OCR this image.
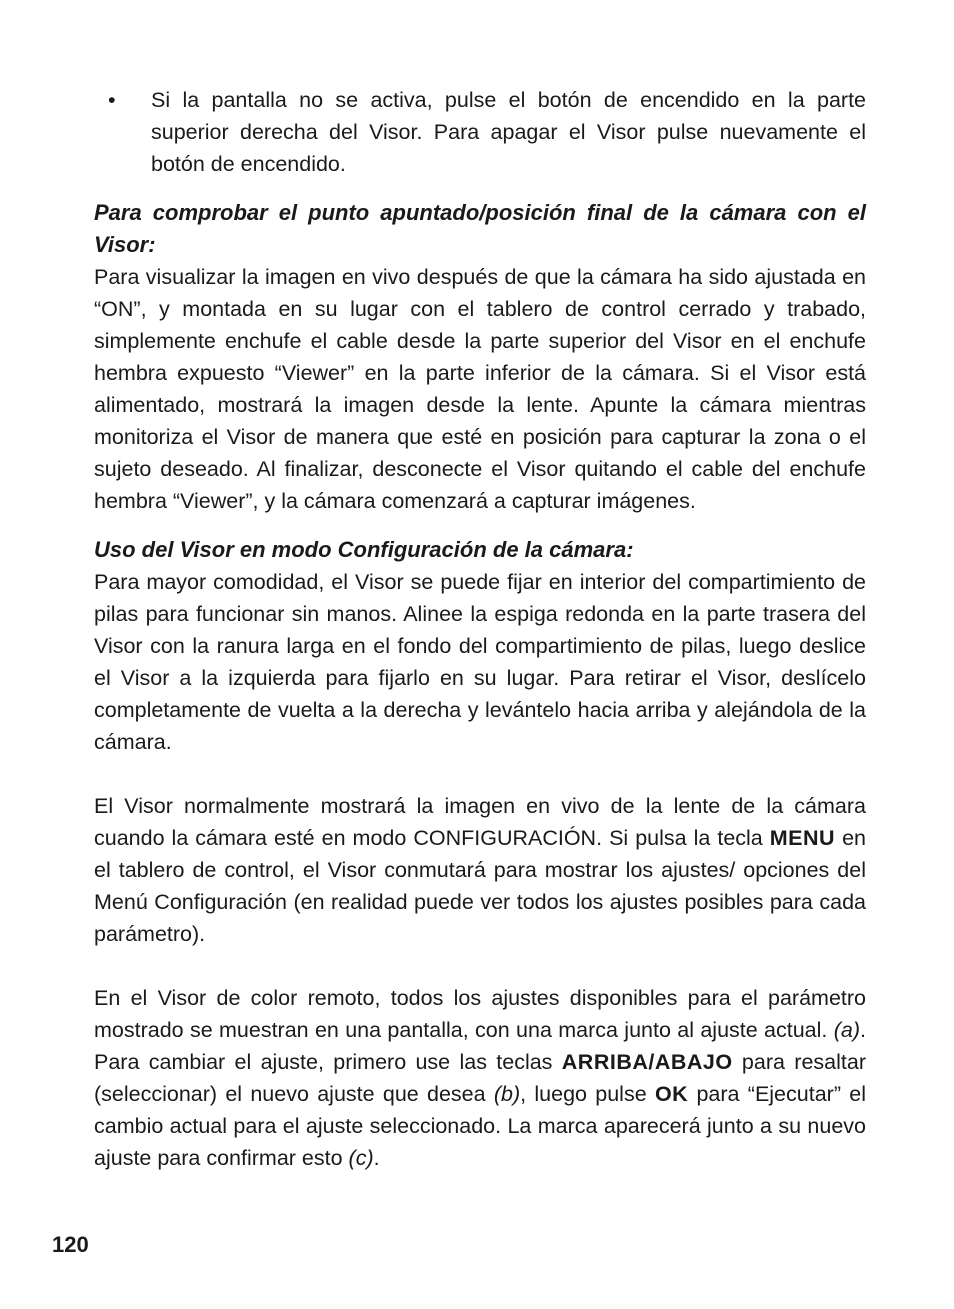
• Si la pantalla no se activa, pulse el botón de encendido en la parte superior derecha del Visor. Para apagar el Visor pulse nuevamente el botón de encendido.

Para comprobar el punto apuntado/posición final de la cámara con el Visor:

Para visualizar la imagen en vivo después de que la cámara ha sido ajustada en “ON”, y montada en su lugar con el tablero de control cerrado y trabado, simplemente enchufe el cable desde la parte superior del Visor en el enchufe hembra expuesto “Viewer” en la parte inferior de la cámara. Si el Visor está alimentado, mostrará la imagen desde la lente. Apunte la cámara mientras monitoriza el Visor de manera que esté en posición para capturar la zona o el sujeto deseado. Al finalizar, desconecte el Visor quitando el cable del enchufe hembra “Viewer”, y la cámara comenzará a capturar imágenes.

Uso del Visor en modo Configuración de la cámara:

Para mayor comodidad, el Visor se puede fijar en interior del compartimiento de pilas para funcionar sin manos. Alinee la espiga redonda en la parte trasera del Visor con la ranura larga en el fondo del compartimiento de pilas, luego deslice el Visor a la izquierda para fijarlo en su lugar. Para retirar el Visor, deslícelo completamente de vuelta a la derecha y levántelo hacia arriba y alejándola de la cámara.

El Visor normalmente mostrará la imagen en vivo de la lente de la cámara cuando la cámara esté en modo CONFIGURACIÓN. Si pulsa la tecla MENU en el tablero de control, el Visor conmutará para mostrar los ajustes/ opciones del Menú Configuración (en realidad puede ver todos los ajustes posibles para cada parámetro).

En el Visor de color remoto, todos los ajustes disponibles para el parámetro mostrado se muestran en una pantalla, con una marca junto al ajuste actual. (a). Para cambiar el ajuste, primero use las teclas ARRIBA/ABAJO para resaltar (seleccionar) el nuevo ajuste que desea (b), luego pulse OK para “Ejecutar” el cambio actual para el ajuste seleccionado. La marca aparecerá junto a su nuevo ajuste para confirmar esto (c).

120
